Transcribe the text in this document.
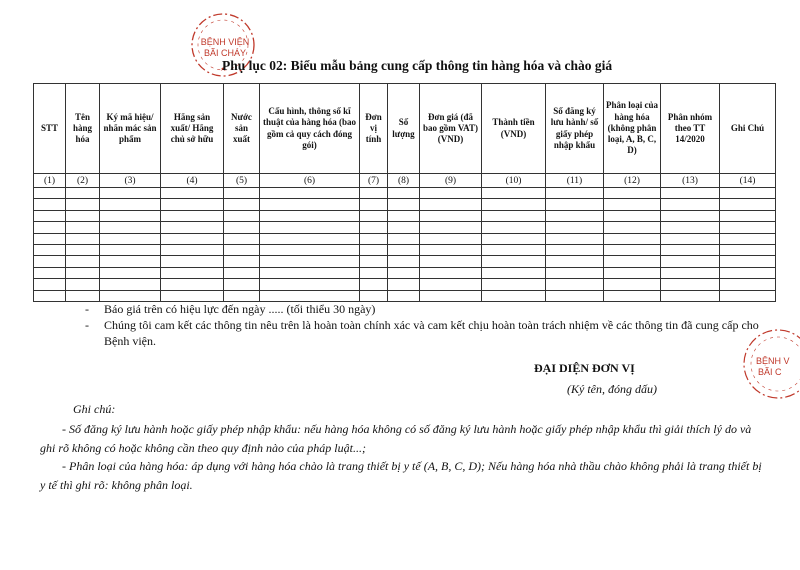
BỆNH VIỆN
BÃI CHÁY
BỆNH V
BÃI C
Phụ lục 02: Biểu mẫu bảng cung cấp thông tin hàng hóa và chào giá
STT	Tên hàng hóa	Ký mã hiệu/ nhãn mác sản phẩm	Hãng sản xuất/ Hãng chủ sở hữu	Nước sản xuất	Cấu hình, thông số kĩ thuật của hàng hóa (bao gồm cả quy cách đóng gói)	Đơn vị tính	Số lượng	Đơn giá (đã bao gồm VAT) (VND)	Thành tiền (VND)	Số đăng ký lưu hành/ số giấy phép nhập khẩu	Phân loại của hàng hóa (không phân loại, A, B, C, D)	Phân nhóm theo TT 14/2020	Ghi Chú
(1)	(2)	(3)	(4)	(5)	(6)	(7)	(8)	(9)	(10)	(11)	(12)	(13)	(14)

- Báo giá trên có hiệu lực đến ngày ..... (tối thiểu 30 ngày)
- Chúng tôi cam kết các thông tin nêu trên là hoàn toàn chính xác và cam kết chịu hoàn toàn trách nhiệm về các thông tin đã cung cấp cho Bệnh viện.
ĐẠI DIỆN ĐƠN VỊ
(Ký tên, đóng dấu)
Ghi chú:
- Số đăng ký lưu hành hoặc giấy phép nhập khẩu: nếu hàng hóa không có số đăng ký lưu hành hoặc giấy phép nhập khẩu thì giải thích lý do và ghi rõ không có hoặc không cần theo quy định nào của pháp luật...;
- Phân loại của hàng hóa: áp dụng với hàng hóa chào là trang thiết bị y tế (A, B, C, D); Nếu hàng hóa nhà thầu chào không phải là trang thiết bị y tế thì ghi rõ: không phân loại.
